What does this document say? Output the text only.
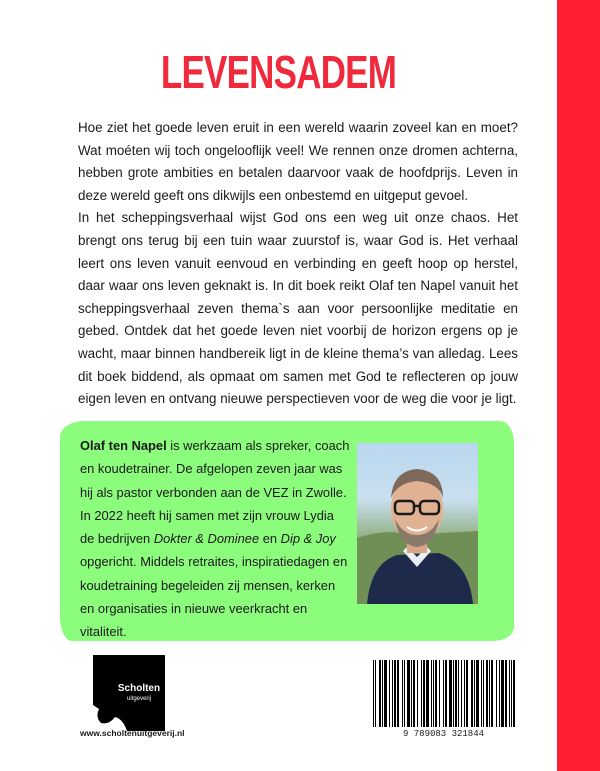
LEVENSADEM

Hoe ziet het goede leven eruit in een wereld waarin zoveel kan en moet? Wat moéten wij toch ongelooflijk veel! We rennen onze dromen achterna, hebben grote ambities en betalen daarvoor vaak de hoofdprijs. Leven in deze wereld geeft ons dikwijls een onbestemd en uitgeput gevoel.

In het scheppingsverhaal wijst God ons een weg uit onze chaos. Het brengt ons terug bij een tuin waar zuurstof is, waar God is. Het verhaal leert ons leven vanuit eenvoud en verbinding en geeft hoop op herstel, daar waar ons leven geknakt is. In dit boek reikt Olaf ten Napel vanuit het scheppingsverhaal zeven thema`s aan voor persoonlijke meditatie en gebed. Ontdek dat het goede leven niet voorbij de horizon ergens op je wacht, maar binnen handbereik ligt in de kleine thema’s van alledag. Lees dit boek biddend, als opmaat om samen met God te reflecteren op jouw eigen leven en ontvang nieuwe perspectieven voor de weg die voor je ligt.

Olaf ten Napel is werkzaam als spreker, coach en koudetrainer. De afgelopen zeven jaar was hij als pastor verbonden aan de VEZ in Zwolle. In 2022 heeft hij samen met zijn vrouw Lydia de bedrijven Dokter & Dominee en Dip & Joy opgericht. Middels retraites, inspiratiedagen en koudetraining begeleiden zij mensen, kerken en organisaties in nieuwe veerkracht en vitaliteit.

Scholten
uitgeverij

www.scholtenuitgeverij.nl	9 789083 321844
